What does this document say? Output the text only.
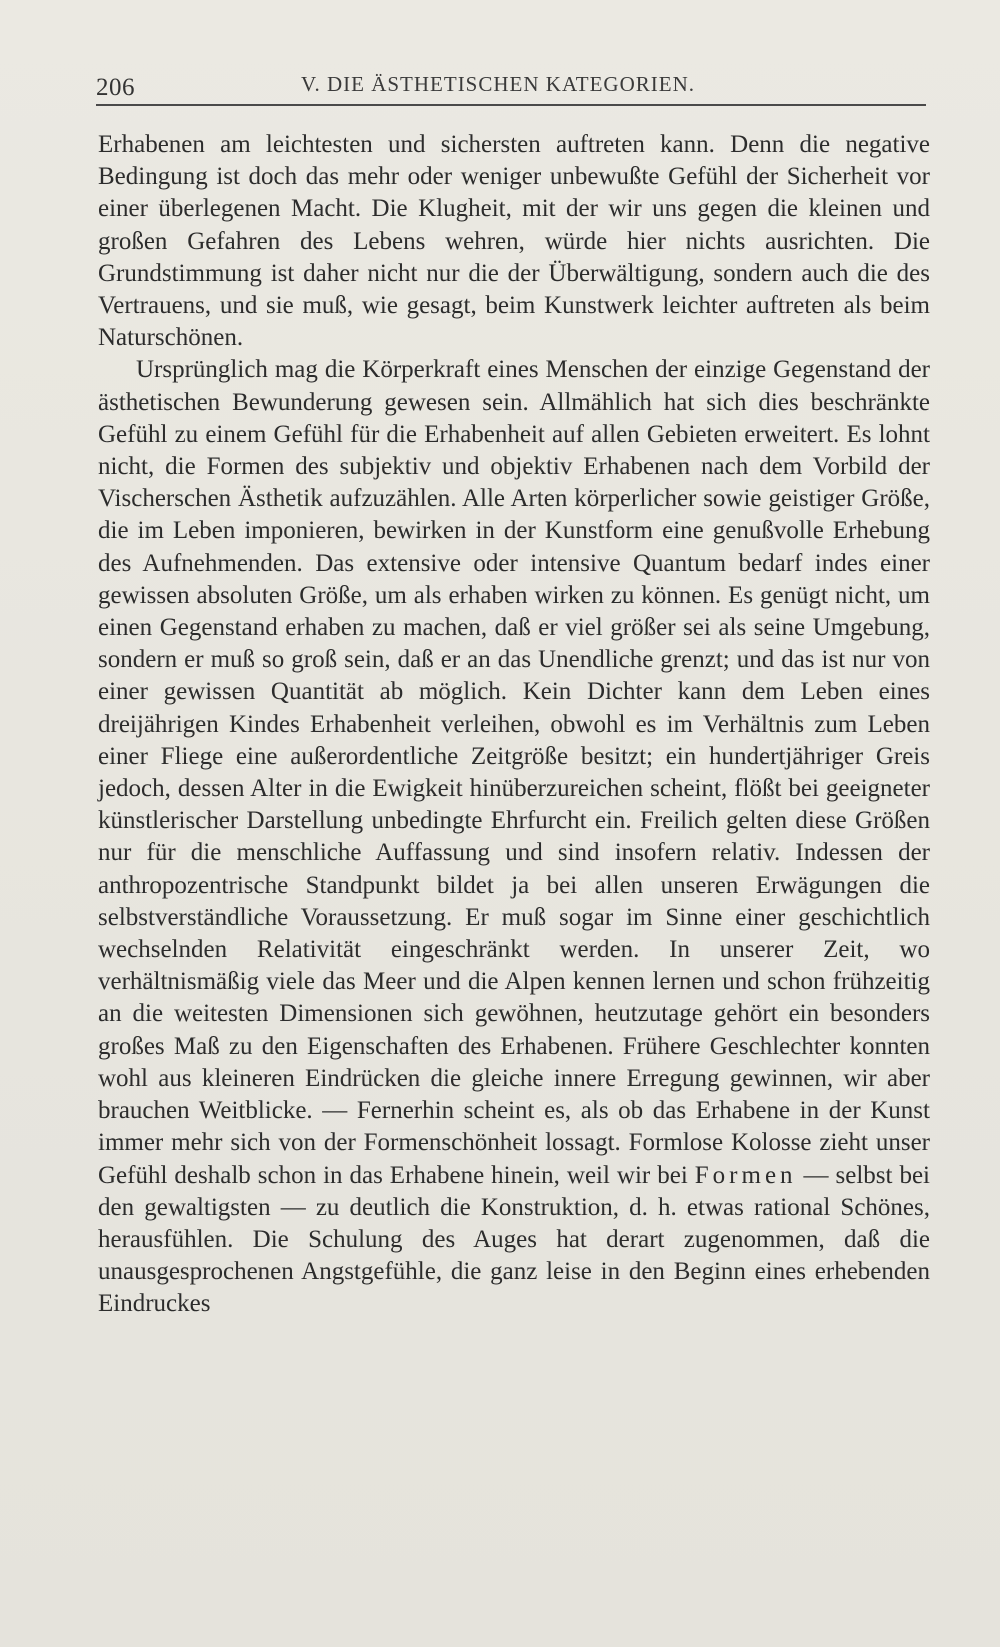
206	V. DIE ÄSTHETISCHEN KATEGORIEN.

Erhabenen am leichtesten und sichersten auftreten kann. Denn die negative Bedingung ist doch das mehr oder weniger unbewußte Gefühl der Sicherheit vor einer überlegenen Macht. Die Klugheit, mit der wir uns gegen die kleinen und großen Gefahren des Lebens wehren, würde hier nichts ausrichten. Die Grundstimmung ist daher nicht nur die der Überwältigung, sondern auch die des Vertrauens, und sie muß, wie gesagt, beim Kunstwerk leichter auftreten als beim Naturschönen.

Ursprünglich mag die Körperkraft eines Menschen der einzige Gegenstand der ästhetischen Bewunderung gewesen sein. Allmählich hat sich dies beschränkte Gefühl zu einem Gefühl für die Erhabenheit auf allen Gebieten erweitert. Es lohnt nicht, die Formen des subjektiv und objektiv Erhabenen nach dem Vorbild der Vischerschen Ästhetik aufzuzählen. Alle Arten körperlicher sowie geistiger Größe, die im Leben imponieren, bewirken in der Kunstform eine genußvolle Erhebung des Aufnehmenden. Das extensive oder intensive Quantum bedarf indes einer gewissen absoluten Größe, um als erhaben wirken zu können. Es genügt nicht, um einen Gegenstand erhaben zu machen, daß er viel größer sei als seine Umgebung, sondern er muß so groß sein, daß er an das Unendliche grenzt; und das ist nur von einer gewissen Quantität ab möglich. Kein Dichter kann dem Leben eines dreijährigen Kindes Erhabenheit verleihen, obwohl es im Verhältnis zum Leben einer Fliege eine außerordentliche Zeitgröße besitzt; ein hundertjähriger Greis jedoch, dessen Alter in die Ewigkeit hinüberzureichen scheint, flößt bei geeigneter künstlerischer Darstellung unbedingte Ehrfurcht ein. Freilich gelten diese Größen nur für die menschliche Auffassung und sind insofern relativ. Indessen der anthropozentrische Standpunkt bildet ja bei allen unseren Erwägungen die selbstverständliche Voraussetzung. Er muß sogar im Sinne einer geschichtlich wechselnden Relativität eingeschränkt werden. In unserer Zeit, wo verhältnismäßig viele das Meer und die Alpen kennen lernen und schon frühzeitig an die weitesten Dimensionen sich gewöhnen, heutzutage gehört ein besonders großes Maß zu den Eigenschaften des Erhabenen. Frühere Geschlechter konnten wohl aus kleineren Eindrücken die gleiche innere Erregung gewinnen, wir aber brauchen Weitblicke. — Fernerhin scheint es, als ob das Erhabene in der Kunst immer mehr sich von der Formenschönheit lossagt. Formlose Kolosse zieht unser Gefühl deshalb schon in das Erhabene hinein, weil wir bei Formen — selbst bei den gewaltigsten — zu deutlich die Konstruktion, d. h. etwas rational Schönes, herausfühlen. Die Schulung des Auges hat derart zugenommen, daß die unausgesprochenen Angstgefühle, die ganz leise in den Beginn eines erhebenden Eindruckes
